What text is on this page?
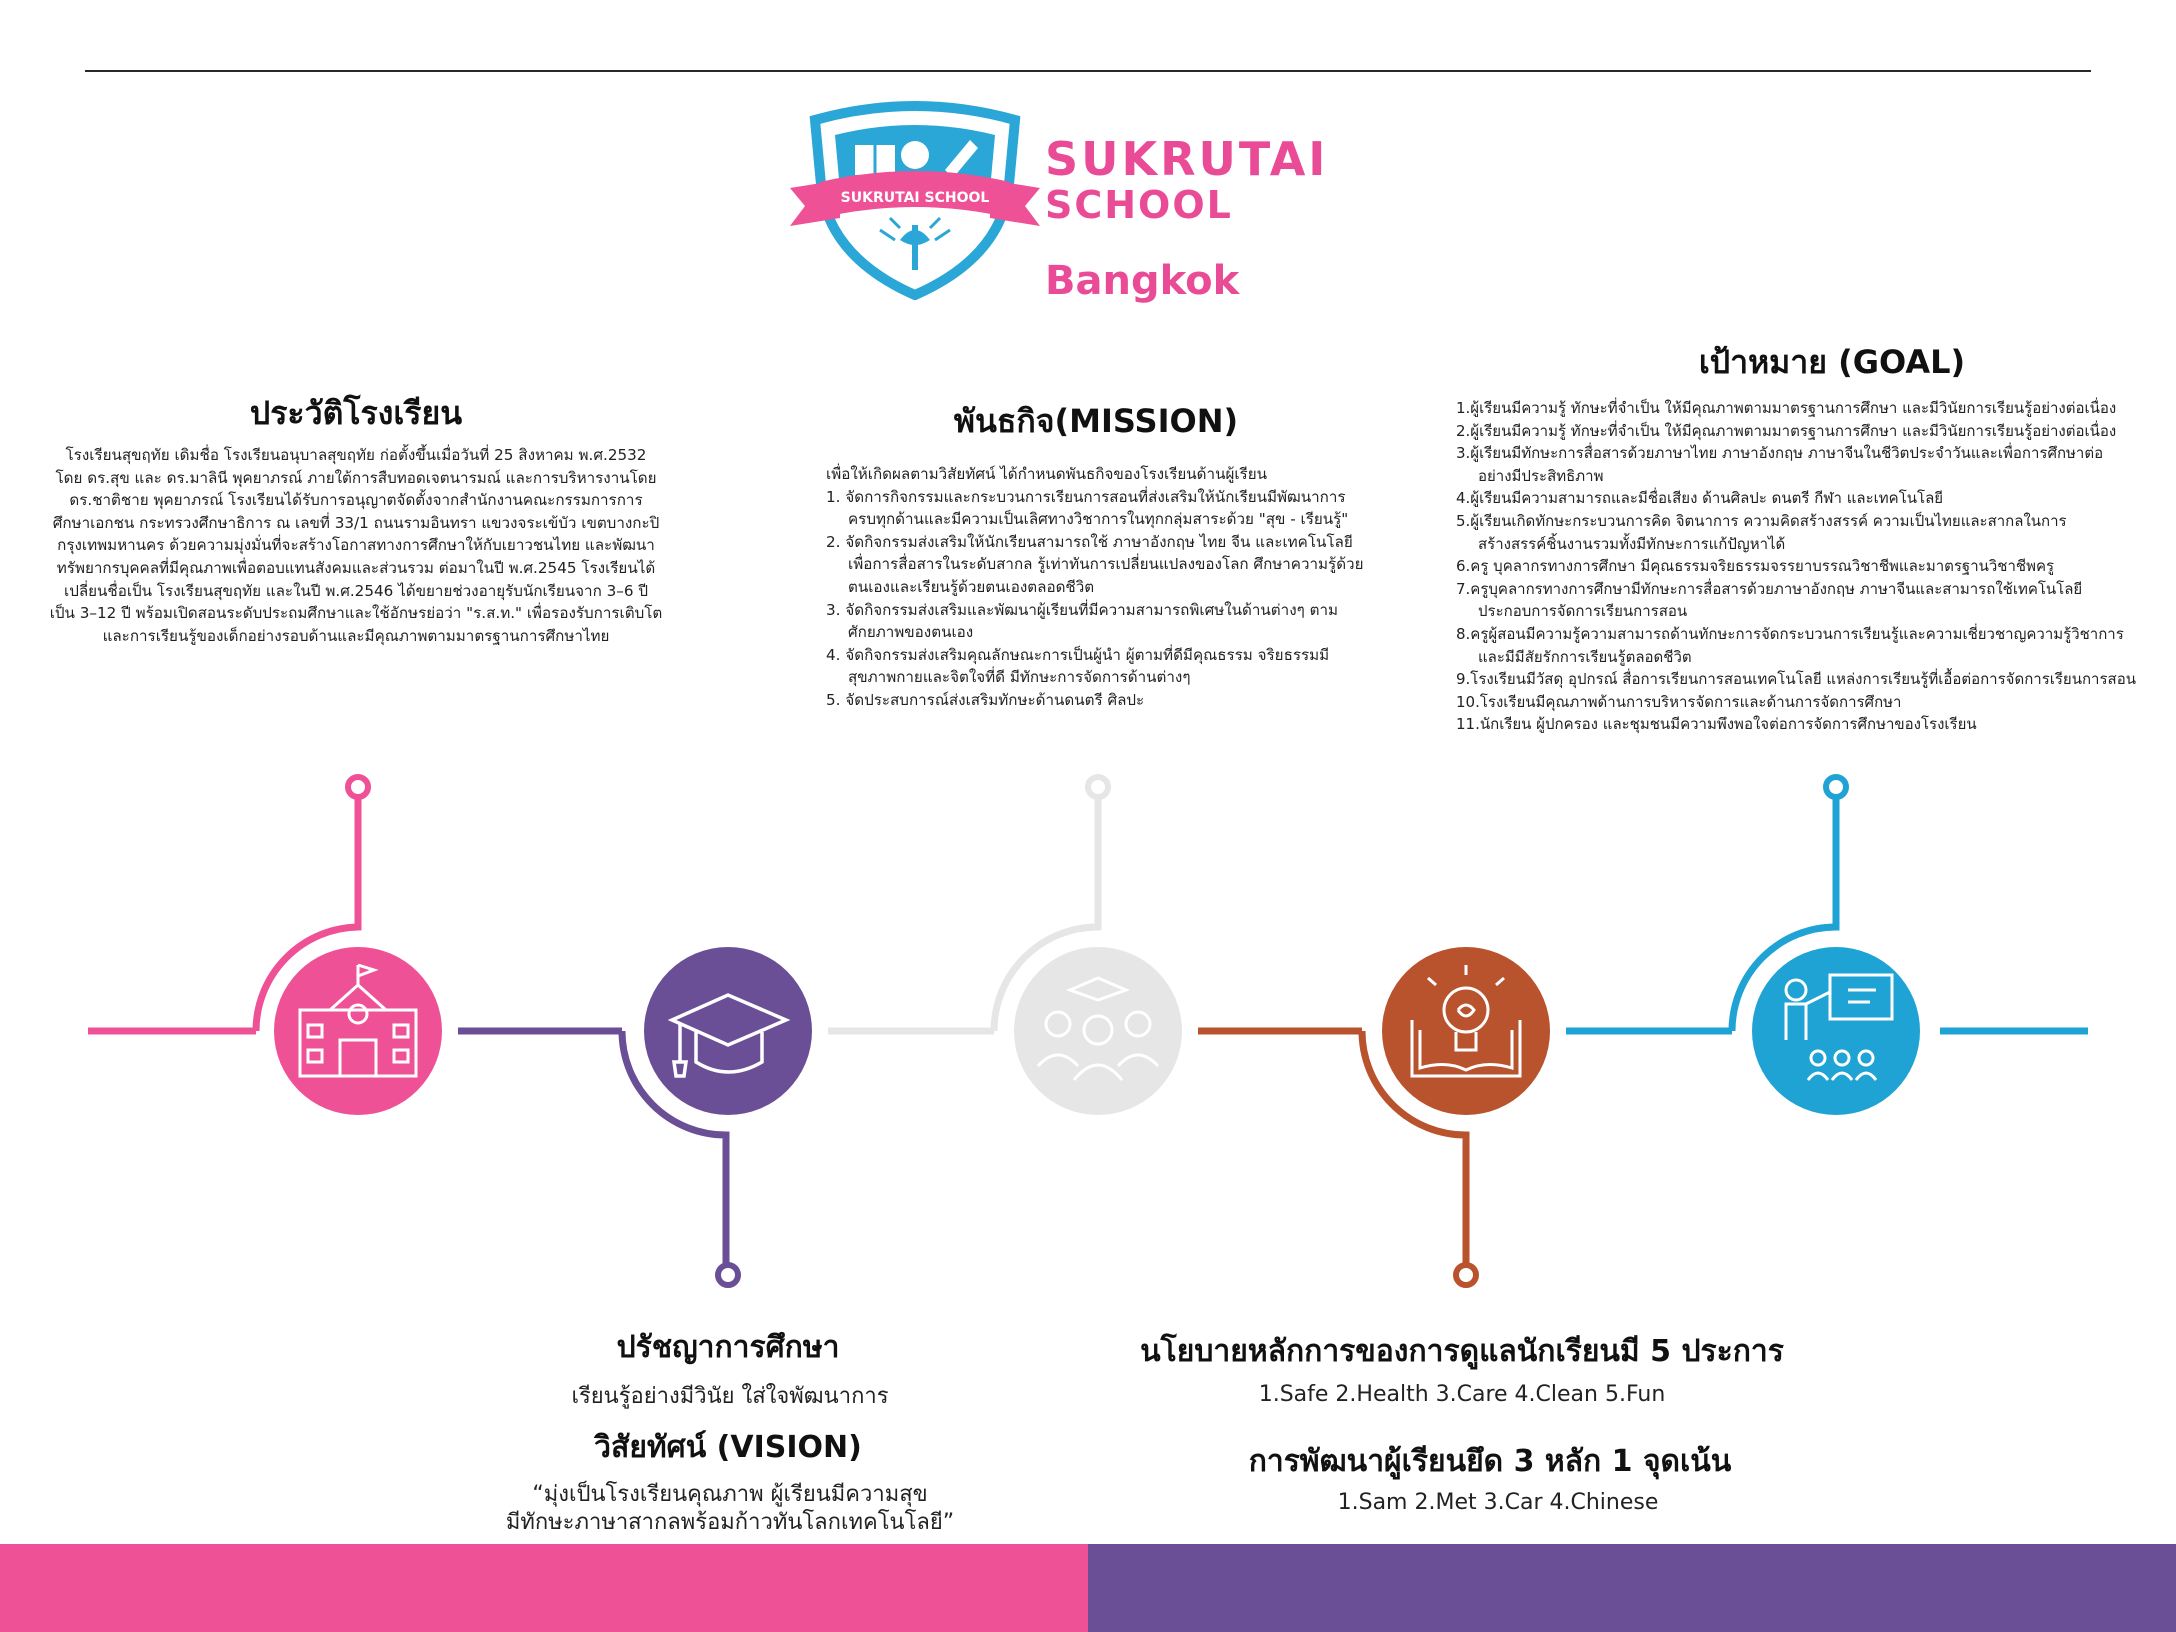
SUKRUTAI SCHOOL
SUKRUTAI
SCHOOL
Bangkok
ประวัติโรงเรียน
โรงเรียนสุขฤทัย เดิมชื่อ โรงเรียนอนุบาลสุขฤทัย ก่อตั้งขึ้นเมื่อวันที่ 25 สิงหาคม พ.ศ.2532
โดย ดร.สุข และ ดร.มาลินี พุคยาภรณ์ ภายใต้การสืบทอดเจตนารมณ์ และการบริหารงานโดย
ดร.ชาติชาย พุคยาภรณ์ โรงเรียนได้รับการอนุญาตจัดตั้งจากสำนักงานคณะกรรมการการ
ศึกษาเอกชน กระทรวงศึกษาธิการ ณ เลขที่ 33/1 ถนนรามอินทรา แขวงจระเข้บัว เขตบางกะปิ
กรุงเทพมหานคร ด้วยความมุ่งมั่นที่จะสร้างโอกาสทางการศึกษาให้กับเยาวชนไทย และพัฒนา
ทรัพยากรบุคคลที่มีคุณภาพเพื่อตอบแทนสังคมและส่วนรวม ต่อมาในปี พ.ศ.2545 โรงเรียนได้
เปลี่ยนชื่อเป็น โรงเรียนสุขฤทัย และในปี พ.ศ.2546 ได้ขยายช่วงอายุรับนักเรียนจาก 3–6 ปี
เป็น 3–12 ปี พร้อมเปิดสอนระดับประถมศึกษาและใช้อักษรย่อว่า "ร.ส.ท." เพื่อรองรับการเติบโต
และการเรียนรู้ของเด็กอย่างรอบด้านและมีคุณภาพตามมาตรฐานการศึกษาไทย
พันธกิจ(MISSION)
เพื่อให้เกิดผลตามวิสัยทัศน์ ได้กำหนดพันธกิจของโรงเรียนด้านผู้เรียน
1. จัดการกิจกรรมและกระบวนการเรียนการสอนที่ส่งเสริมให้นักเรียนมีพัฒนาการ
ครบทุกด้านและมีความเป็นเลิศทางวิชาการในทุกกลุ่มสาระด้วย "สุข - เรียนรู้"
2. จัดกิจกรรมส่งเสริมให้นักเรียนสามารถใช้ ภาษาอังกฤษ ไทย จีน และเทคโนโลยี
เพื่อการสื่อสารในระดับสากล รู้เท่าทันการเปลี่ยนแปลงของโลก ศึกษาความรู้ด้วย
ตนเองและเรียนรู้ด้วยตนเองตลอดชีวิต
3. จัดกิจกรรมส่งเสริมและพัฒนาผู้เรียนที่มีความสามารถพิเศษในด้านต่างๆ ตาม
ศักยภาพของตนเอง
4. จัดกิจกรรมส่งเสริมคุณลักษณะการเป็นผู้นำ ผู้ตามที่ดีมีคุณธรรม จริยธรรมมี
สุขภาพกายและจิตใจที่ดี มีทักษะการจัดการด้านต่างๆ
5. จัดประสบการณ์ส่งเสริมทักษะด้านดนตรี ศิลปะ
เป้าหมาย (GOAL)
1.ผู้เรียนมีความรู้ ทักษะที่จำเป็น ให้มีคุณภาพตามมาตรฐานการศึกษา และมีวินัยการเรียนรู้อย่างต่อเนื่อง
2.ผู้เรียนมีความรู้ ทักษะที่จำเป็น ให้มีคุณภาพตามมาตรฐานการศึกษา และมีวินัยการเรียนรู้อย่างต่อเนื่อง
3.ผู้เรียนมีทักษะการสื่อสารด้วยภาษาไทย ภาษาอังกฤษ ภาษาจีนในชีวิตประจำวันและเพื่อการศึกษาต่อ
อย่างมีประสิทธิภาพ
4.ผู้เรียนมีความสามารถและมีชื่อเสียง ด้านศิลปะ ดนตรี กีฬา และเทคโนโลยี
5.ผู้เรียนเกิดทักษะกระบวนการคิด จิตนาการ ความคิดสร้างสรรค์ ความเป็นไทยและสากลในการ
สร้างสรรค์ชิ้นงานรวมทั้งมีทักษะการแก้ปัญหาได้
6.ครู บุคลากรทางการศึกษา มีคุณธรรมจริยธรรมจรรยาบรรณวิชาชีพและมาตรฐานวิชาชีพครู
7.ครูบุคลากรทางการศึกษามีทักษะการสื่อสารด้วยภาษาอังกฤษ ภาษาจีนและสามารถใช้เทคโนโลยี
ประกอบการจัดการเรียนการสอน
8.ครูผู้สอนมีความรู้ความสามารถด้านทักษะการจัดกระบวนการเรียนรู้และความเชี่ยวชาญความรู้วิชาการ
และมีมีสัยรักการเรียนรู้ตลอดชีวิต
9.โรงเรียนมีวัสดุ อุปกรณ์ สื่อการเรียนการสอนเทคโนโลยี แหล่งการเรียนรู้ที่เอื้อต่อการจัดการเรียนการสอน
10.โรงเรียนมีคุณภาพด้านการบริหารจัดการและด้านการจัดการศึกษา
11.นักเรียน ผู้ปกครอง และชุมชนมีความพึงพอใจต่อการจัดการศึกษาของโรงเรียน
ปรัชญาการศึกษา
เรียนรู้อย่างมีวินัย ใส่ใจพัฒนาการ
วิสัยทัศน์ (VISION)
“มุ่งเป็นโรงเรียนคุณภาพ ผู้เรียนมีความสุข
มีทักษะภาษาสากลพร้อมก้าวทันโลกเทคโนโลยี”
นโยบายหลักการของการดูแลนักเรียนมี 5 ประการ
1.Safe 2.Health 3.Care 4.Clean 5.Fun
การพัฒนาผู้เรียนยึด 3 หลัก 1 จุดเน้น
1.Sam 2.Met 3.Car 4.Chinese
